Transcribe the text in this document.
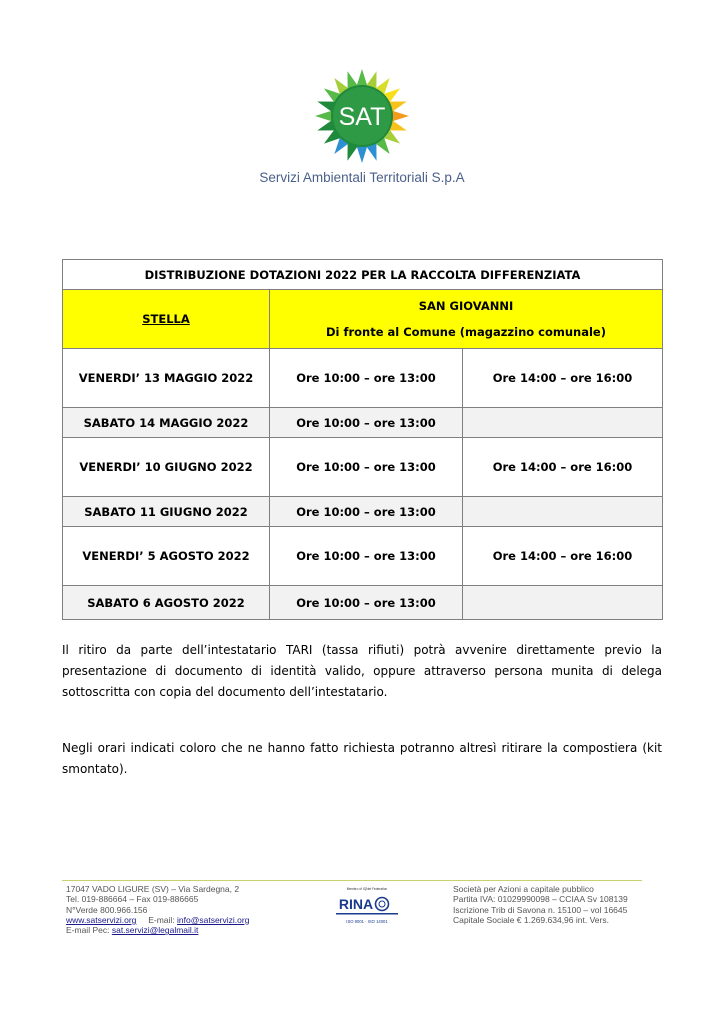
SAT
Servizi Ambientali Territoriali S.p.A
DISTRIBUZIONE DOTAZIONI 2022 PER LA RACCOLTA DIFFERENZIATA		
STELLA	SAN GIOVANNI
Di fronte al Comune (magazzino comunale)	
VENERDI’ 13 MAGGIO 2022	Ore 10:00 – ore 13:00	Ore 14:00 – ore 16:00
SABATO 14 MAGGIO 2022	Ore 10:00 – ore 13:00	
VENERDI’ 10 GIUGNO 2022	Ore 10:00 – ore 13:00	Ore 14:00 – ore 16:00
SABATO 11 GIUGNO 2022	Ore 10:00 – ore 13:00	
VENERDI’ 5 AGOSTO 2022	Ore 10:00 – ore 13:00	Ore 14:00 – ore 16:00
SABATO 6 AGOSTO 2022	Ore 10:00 – ore 13:00	
Il ritiro da parte dell’intestatario TARI (tassa rifiuti) potrà avvenire direttamente previo la presentazione di documento di identità valido, oppure attraverso persona munita di delega sottoscritta con copia del documento dell’intestatario.
Negli orari indicati coloro che ne hanno fatto richiesta potranno altresì ritirare la compostiera (kit smontato).
17047 VADO LIGURE (SV) – Via Sardegna, 2
Tel. 019-886664 – Fax 019-886665
N°Verde 800.966.156
www.satservizi.org E-mail: info@satservizi.org
E-mail Pec: sat.servizi@legalmail.it
Membro of IQNet Federation
RINA
ISO 9001 · ISO 14001
Società per Azioni a capitale pubblico
Partita IVA: 01029990098 – CCIAA Sv 108139
Iscrizione Trib di Savona n. 15100 – vol 16645
Capitale Sociale € 1.269.634,96 int. Vers.
